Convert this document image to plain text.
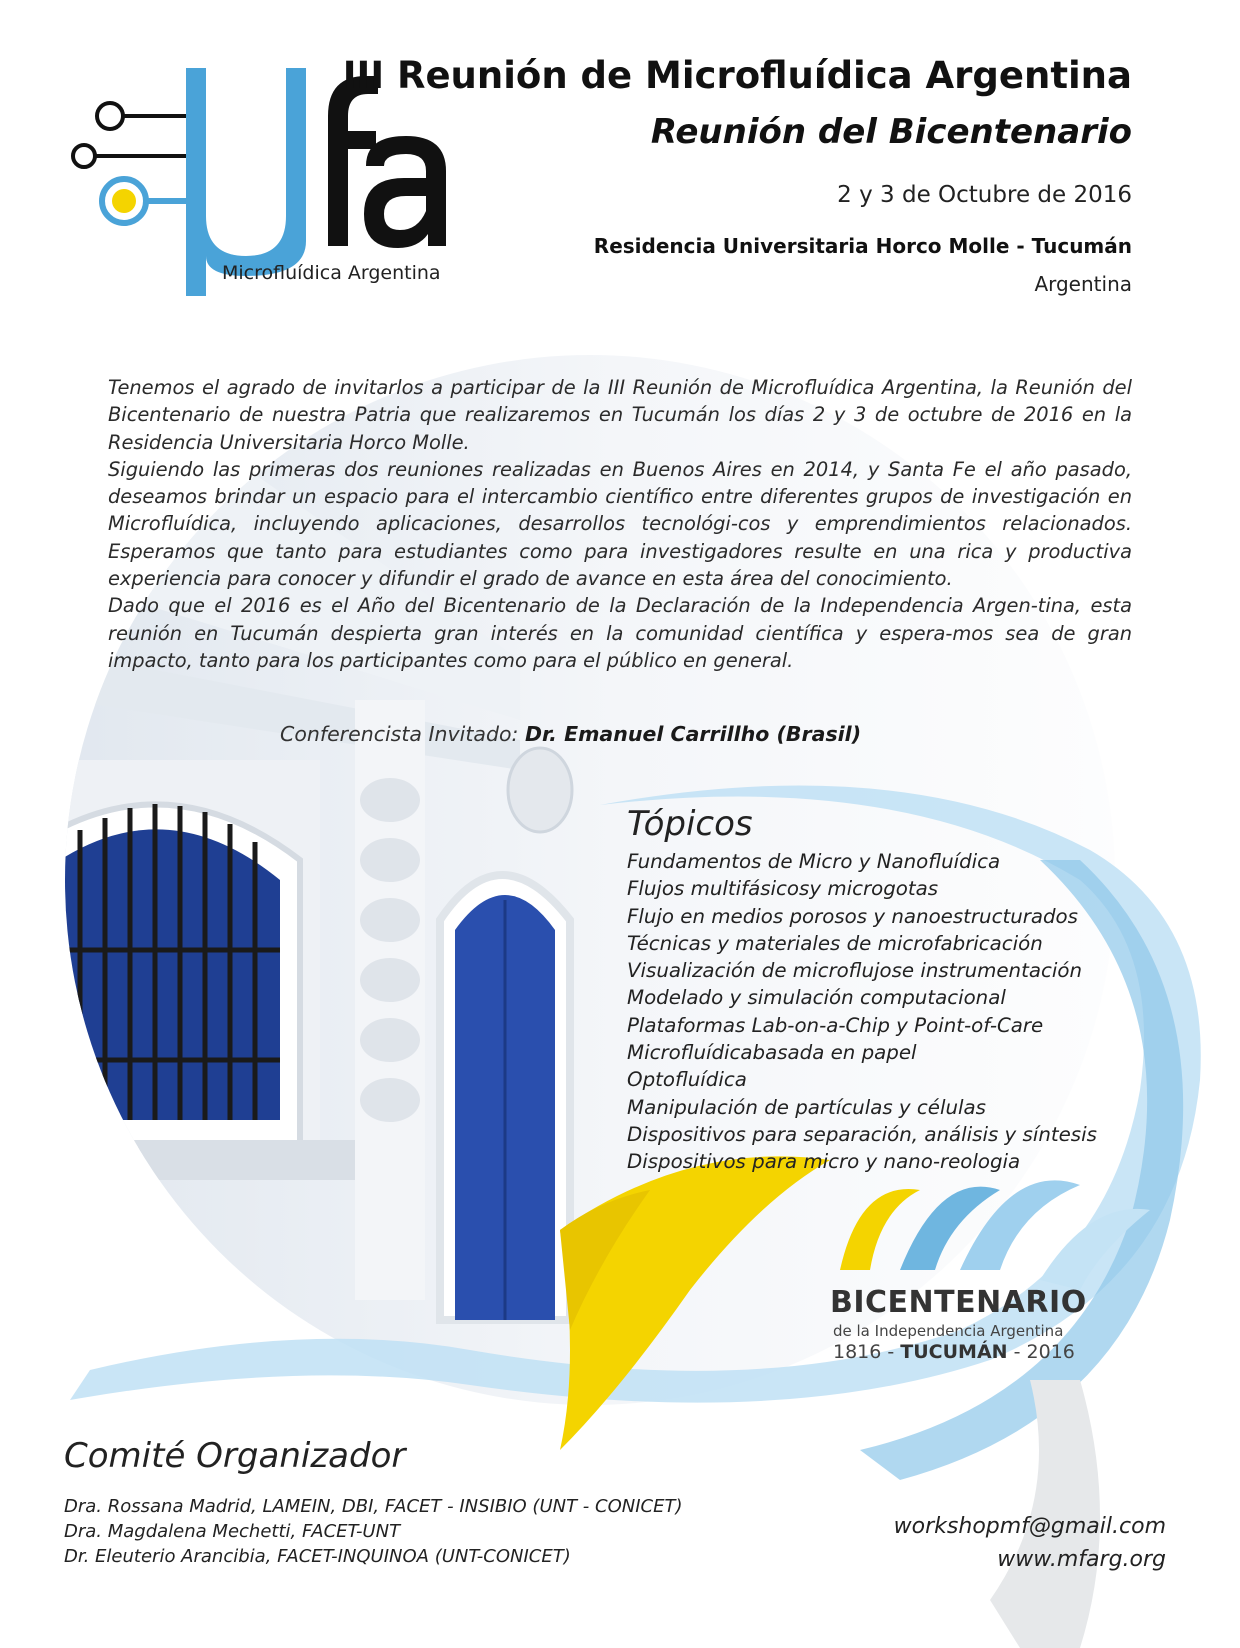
Microfluídica Argentina
III Reunión de Microfluídica Argentina
Reunión del Bicentenario
2 y 3 de Octubre de 2016
Residencia Universitaria Horco Molle - Tucumán
Argentina

Tenemos el agrado de invitarlos a participar de la III Reunión de Microfluídica Argentina, la Reunión del Bicentenario de nuestra Patria que realizaremos en Tucumán los días 2 y 3 de octubre de 2016 en la Residencia Universitaria Horco Molle.

Siguiendo las primeras dos reuniones realizadas en Buenos Aires en 2014, y Santa Fe el año pasado, deseamos brindar un espacio para el intercambio científico entre diferentes grupos de investigación en Microfluídica, incluyendo aplicaciones, desarrollos tecnológi-cos y emprendimientos relacionados. Esperamos que tanto para estudiantes como para investigadores resulte en una rica y productiva experiencia para conocer y difundir el grado de avance en esta área del conocimiento.

Dado que el 2016 es el Año del Bicentenario de la Declaración de la Independencia Argen-tina, esta reunión en Tucumán despierta gran interés en la comunidad científica y espera-mos sea de gran impacto, tanto para los participantes como para el público en general.

Conferencista Invitado: Dr. Emanuel Carrillho (Brasil)
Tópicos
Fundamentos de Micro y Nanofluídica
Flujos multifásicosy microgotas
Flujo en medios porosos y nanoestructurados
Técnicas y materiales de microfabricación
Visualización de microflujose instrumentación
Modelado y simulación computacional
Plataformas Lab-on-a-Chip y Point-of-Care
Microfluídicabasada en papel
Optofluídica
Manipulación de partículas y células
Dispositivos para separación, análisis y síntesis
Dispositivos para micro y nano-reologia
BICENTENARIO
de la Independencia Argentina
1816 - TUCUMÁN - 2016
Comité Organizador
Dra. Rossana Madrid, LAMEIN, DBI, FACET - INSIBIO (UNT - CONICET)
Dra. Magdalena Mechetti, FACET-UNT
Dr. Eleuterio Arancibia, FACET-INQUINOA (UNT-CONICET)
workshopmf@gmail.com
www.mfarg.org
